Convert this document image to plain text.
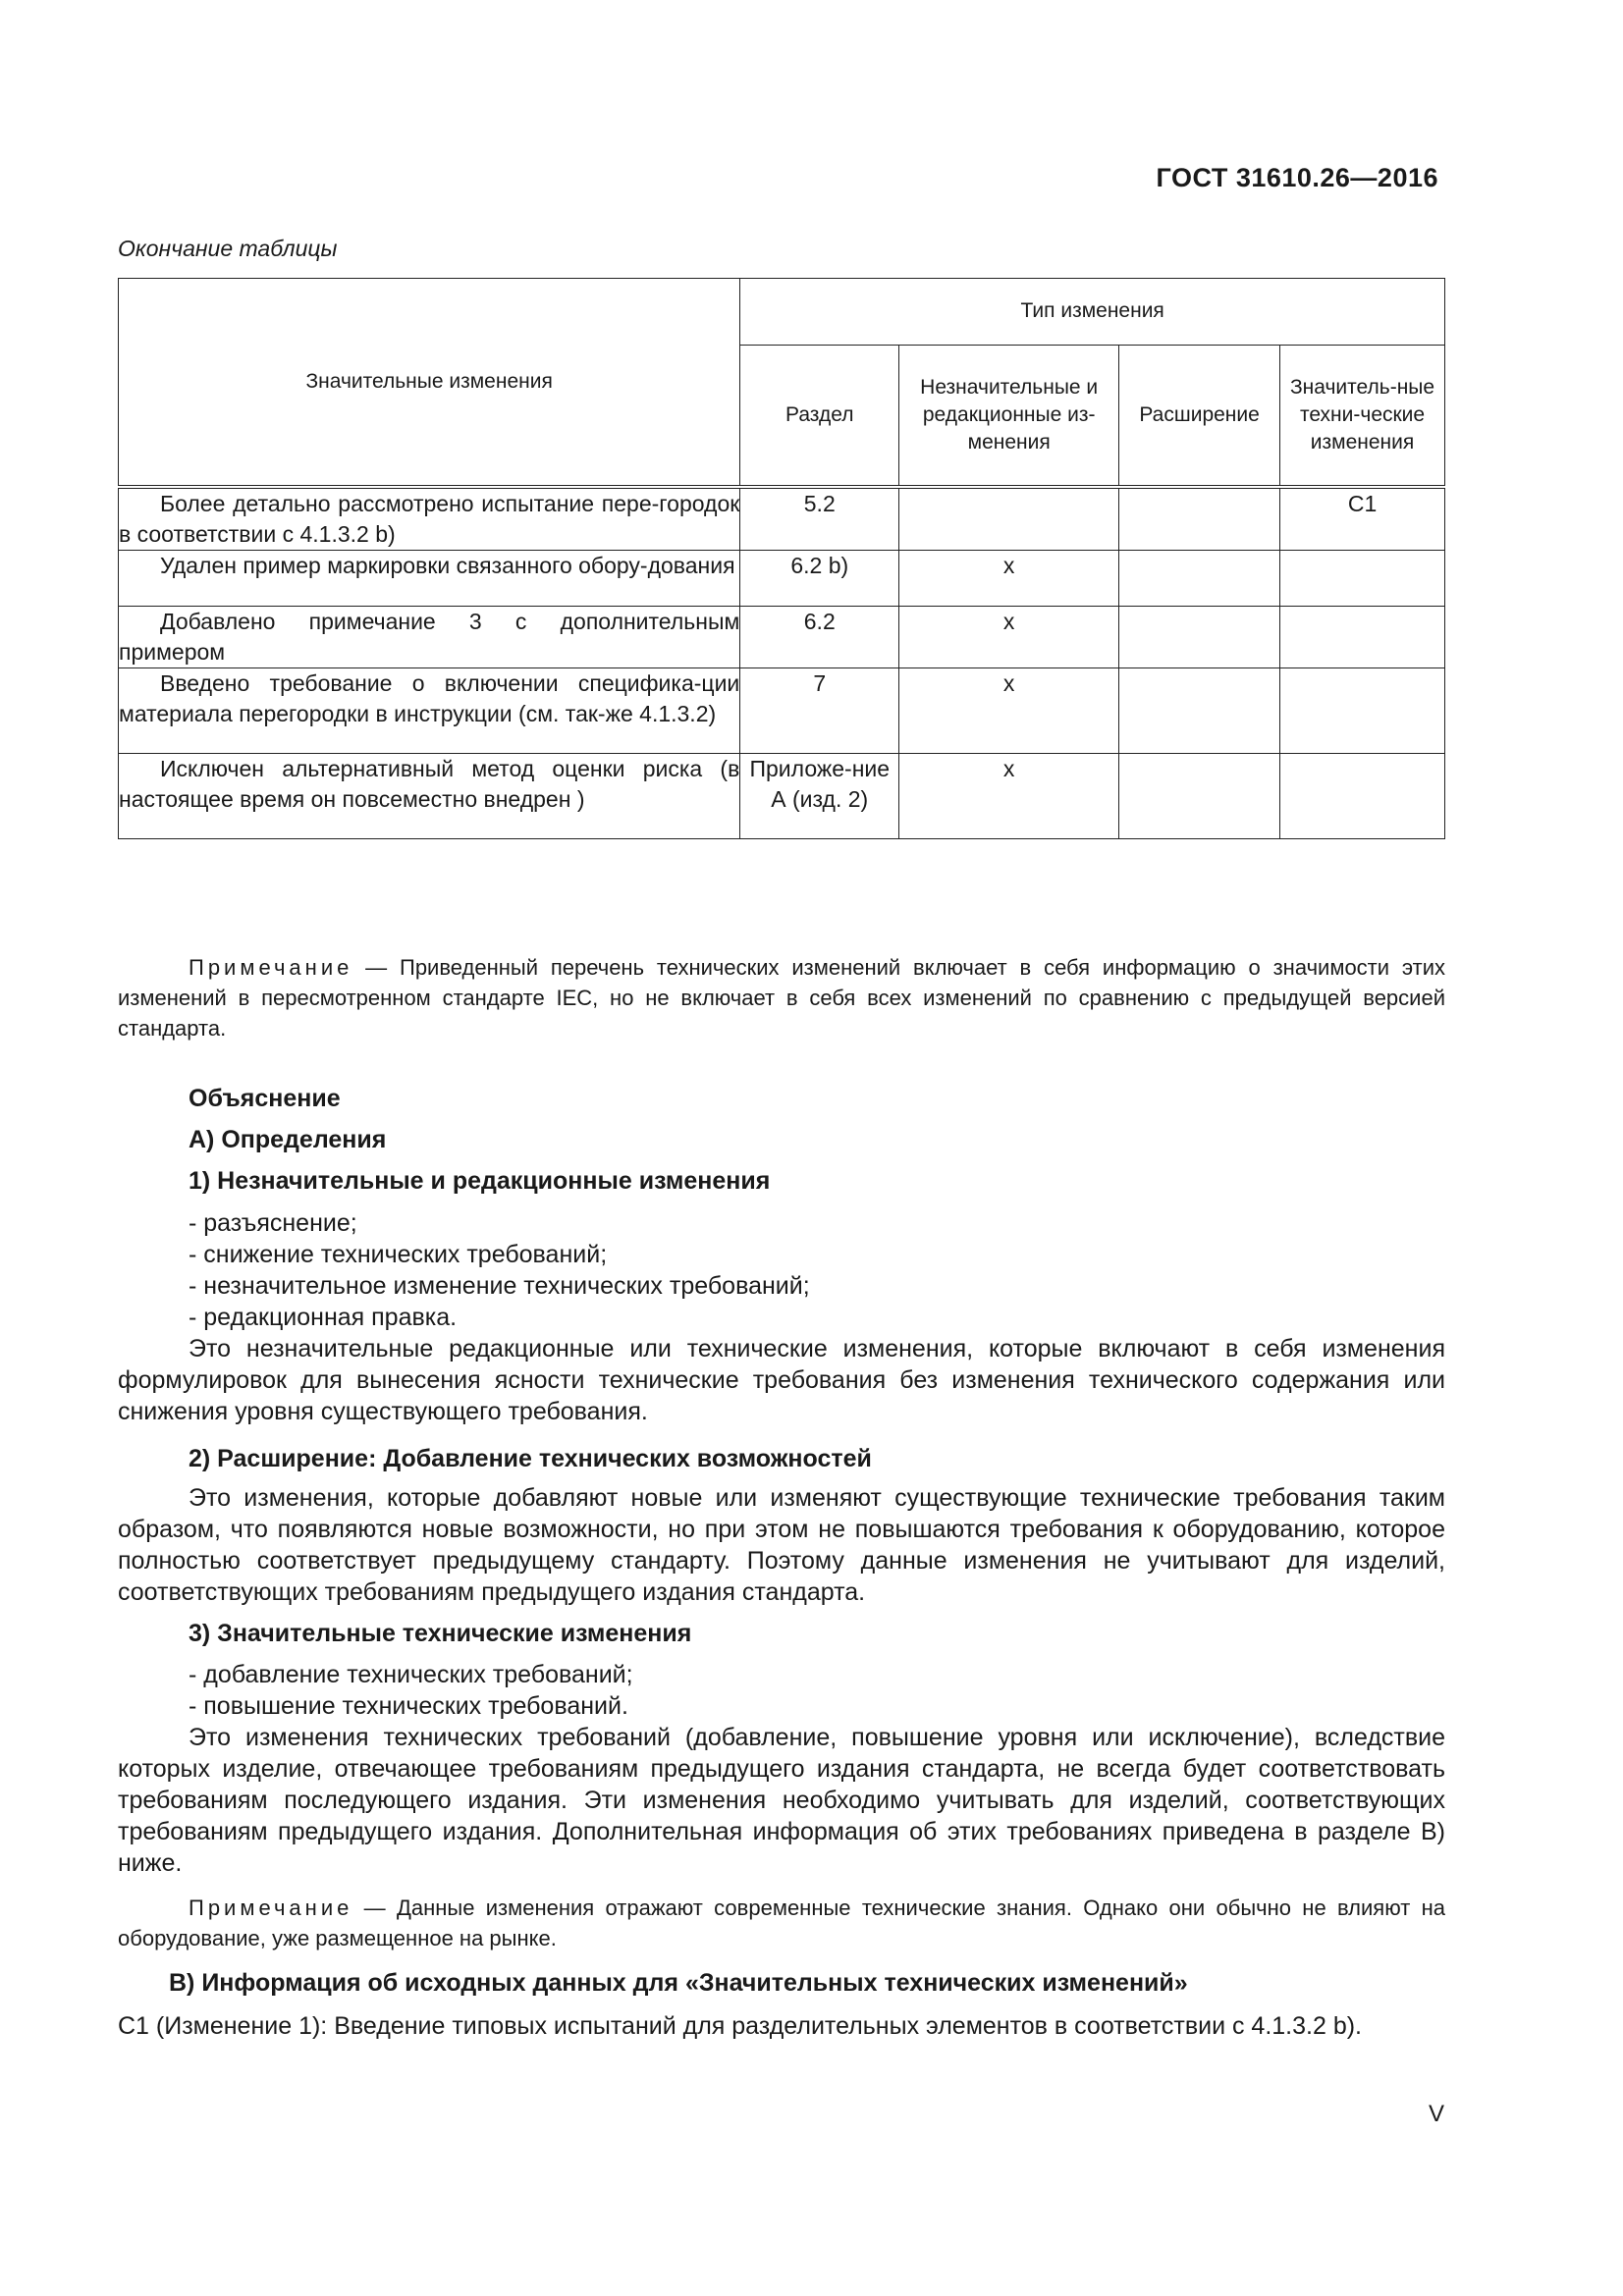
ГОСТ 31610.26—2016
Окончание таблицы
Значительные изменения	Тип изменения			
	Раздел	Незначительные и редакционные из-менения	Расширение	Значитель-ные техни-ческие изменения
Более детально рассмотрено испытание пере-городок в соответствии с 4.1.3.2 b)	5.2			С1
Удален пример маркировки связанного обору-дования	6.2 b)	x		
Добавлено примечание 3 с дополнительным примером	6.2	x		
Введено требование о включении специфика-ции материала перегородки в инструкции (см. так-же 4.1.3.2)	7	x		
Исключен альтернативный метод оценки риска (в настоящее время он повсеместно внедрен )	Приложе-ние А (изд. 2)	x		
Примечание — Приведенный перечень технических изменений включает в себя информацию о значимости этих изменений в пересмотренном стандарте IEC, но не включает в себя всех изменений по сравнению с предыдущей версией стандарта.
Объяснение
А) Определения
1) Незначительные и редакционные изменения
- разъяснение;
- снижение технических требований;
- незначительное изменение технических требований;
- редакционная правка.
Это незначительные редакционные или технические изменения, которые включают в себя изменения формулировок для вынесения ясности технические требования без изменения технического содержания или снижения уровня существующего требования.
2) Расширение: Добавление технических возможностей
Это изменения, которые добавляют новые или изменяют существующие технические требования таким образом, что появляются новые возможности, но при этом не повышаются требования к оборудованию, которое полностью соответствует предыдущему стандарту. Поэтому данные изменения не учитывают для изделий, соответствующих требованиям предыдущего издания стандарта.
3) Значительные технические изменения
- добавление технических требований;
- повышение технических требований.
Это изменения технических требований (добавление, повышение уровня или исключение), вследствие которых изделие, отвечающее требованиям предыдущего издания стандарта, не всегда будет соответствовать требованиям последующего издания. Эти изменения необходимо учитывать для изделий, соответствующих требованиям предыдущего издания. Дополнительная информация об этих требованиях приведена в разделе В) ниже.
Примечание — Данные изменения отражают современные технические знания. Однако они обычно не влияют на оборудование, уже размещенное на рынке.
В) Информация об исходных данных для «Значительных технических изменений»
С1 (Изменение 1): Введение типовых испытаний для разделительных элементов в соответствии с 4.1.3.2 b).
V
